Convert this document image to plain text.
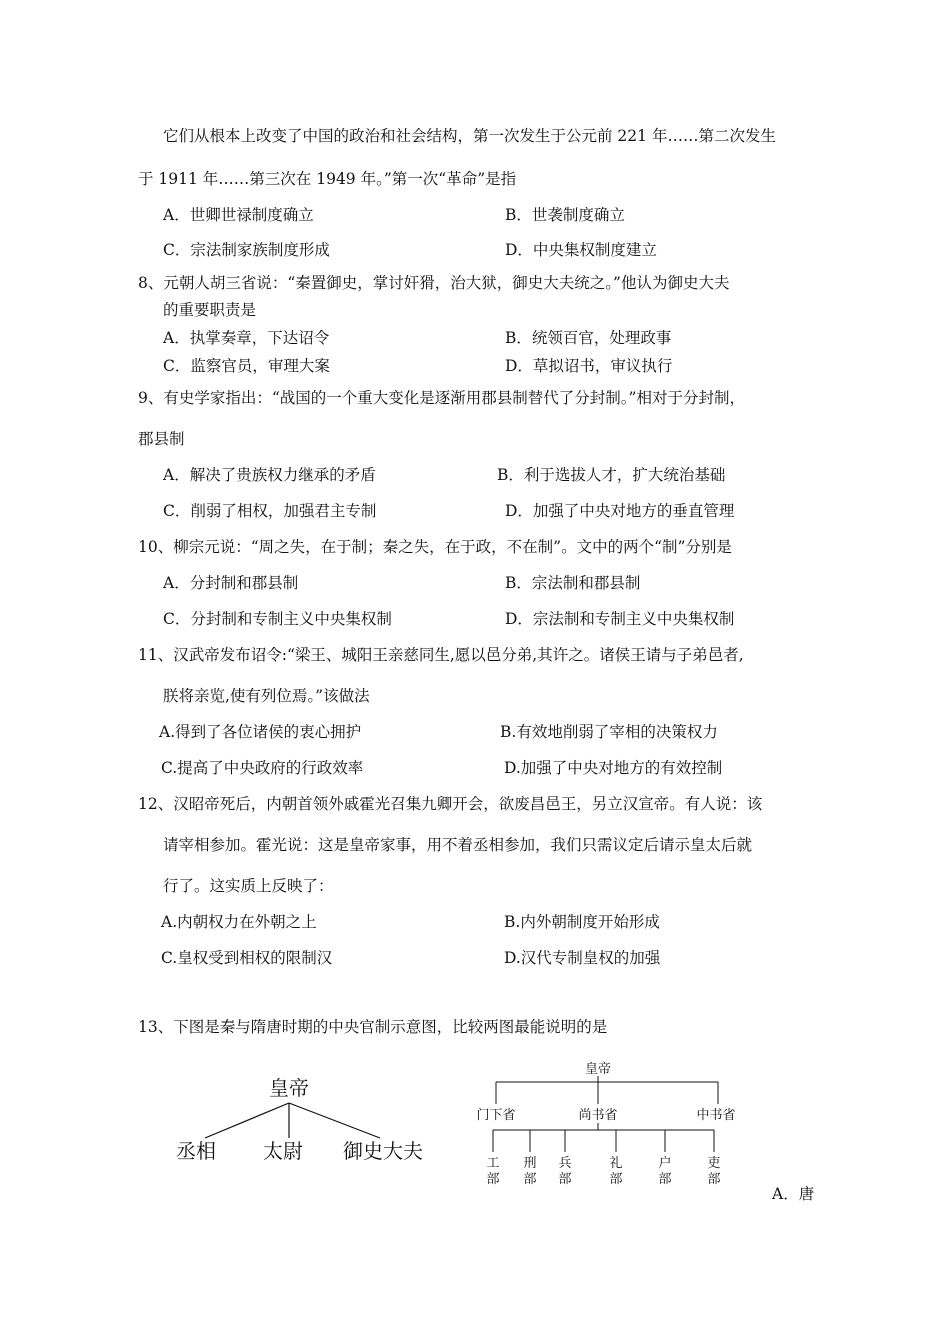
它们从根本上改变了中国的政治和社会结构，第一次发生于公元前 221 年……第二次发生
于 1911 年……第三次在 1949 年。”第一次“革命”是指
A．世卿世禄制度确立	B．世袭制度确立
C．宗法制家族制度形成	D．中央集权制度建立
8、元朝人胡三省说：“秦置御史，掌讨奸猾，治大狱，御史大夫统之。”他认为御史大夫
的重要职责是
A．执掌奏章，下达诏令	B．统领百官，处理政事
C．监察官员，审理大案	D．草拟诏书，审议执行
9、有史学家指出：“战国的一个重大变化是逐渐用郡县制替代了分封制。”相对于分封制，
郡县制
A．解决了贵族权力继承的矛盾	B．利于选拔人才，扩大统治基础
C．削弱了相权，加强君主专制	D．加强了中央对地方的垂直管理
10、柳宗元说：“周之失，在于制；秦之失，在于政，不在制”。文中的两个“制”分别是
A．分封制和郡县制	B．宗法制和郡县制
C．分封制和专制主义中央集权制	D．宗法制和专制主义中央集权制
11、汉武帝发布诏令:“梁王、城阳王亲慈同生,愿以邑分弟,其许之。诸侯王请与子弟邑者,
朕将亲览,使有列位焉。”该做法
A.得到了各位诸侯的衷心拥护	B.有效地削弱了宰相的决策权力
C.提高了中央政府的行政效率	D.加强了中央对地方的有效控制
12、汉昭帝死后，内朝首领外戚霍光召集九卿开会，欲废昌邑王，另立汉宣帝。有人说：该
请宰相参加。霍光说：这是皇帝家事，用不着丞相参加，我们只需议定后请示皇太后就
行了。这实质上反映了：
A.内朝权力在外朝之上	B.内外朝制度开始形成
C.皇权受到相权的限制汉	D.汉代专制皇权的加强
13、下图是秦与隋唐时期的中央官制示意图，比较两图最能说明的是
皇帝
丞相 太尉 御史大夫
皇帝
门下省	尚书省	中书省
工
部
刑
部
兵
部
礼
部
户
部
吏
部
A．唐
